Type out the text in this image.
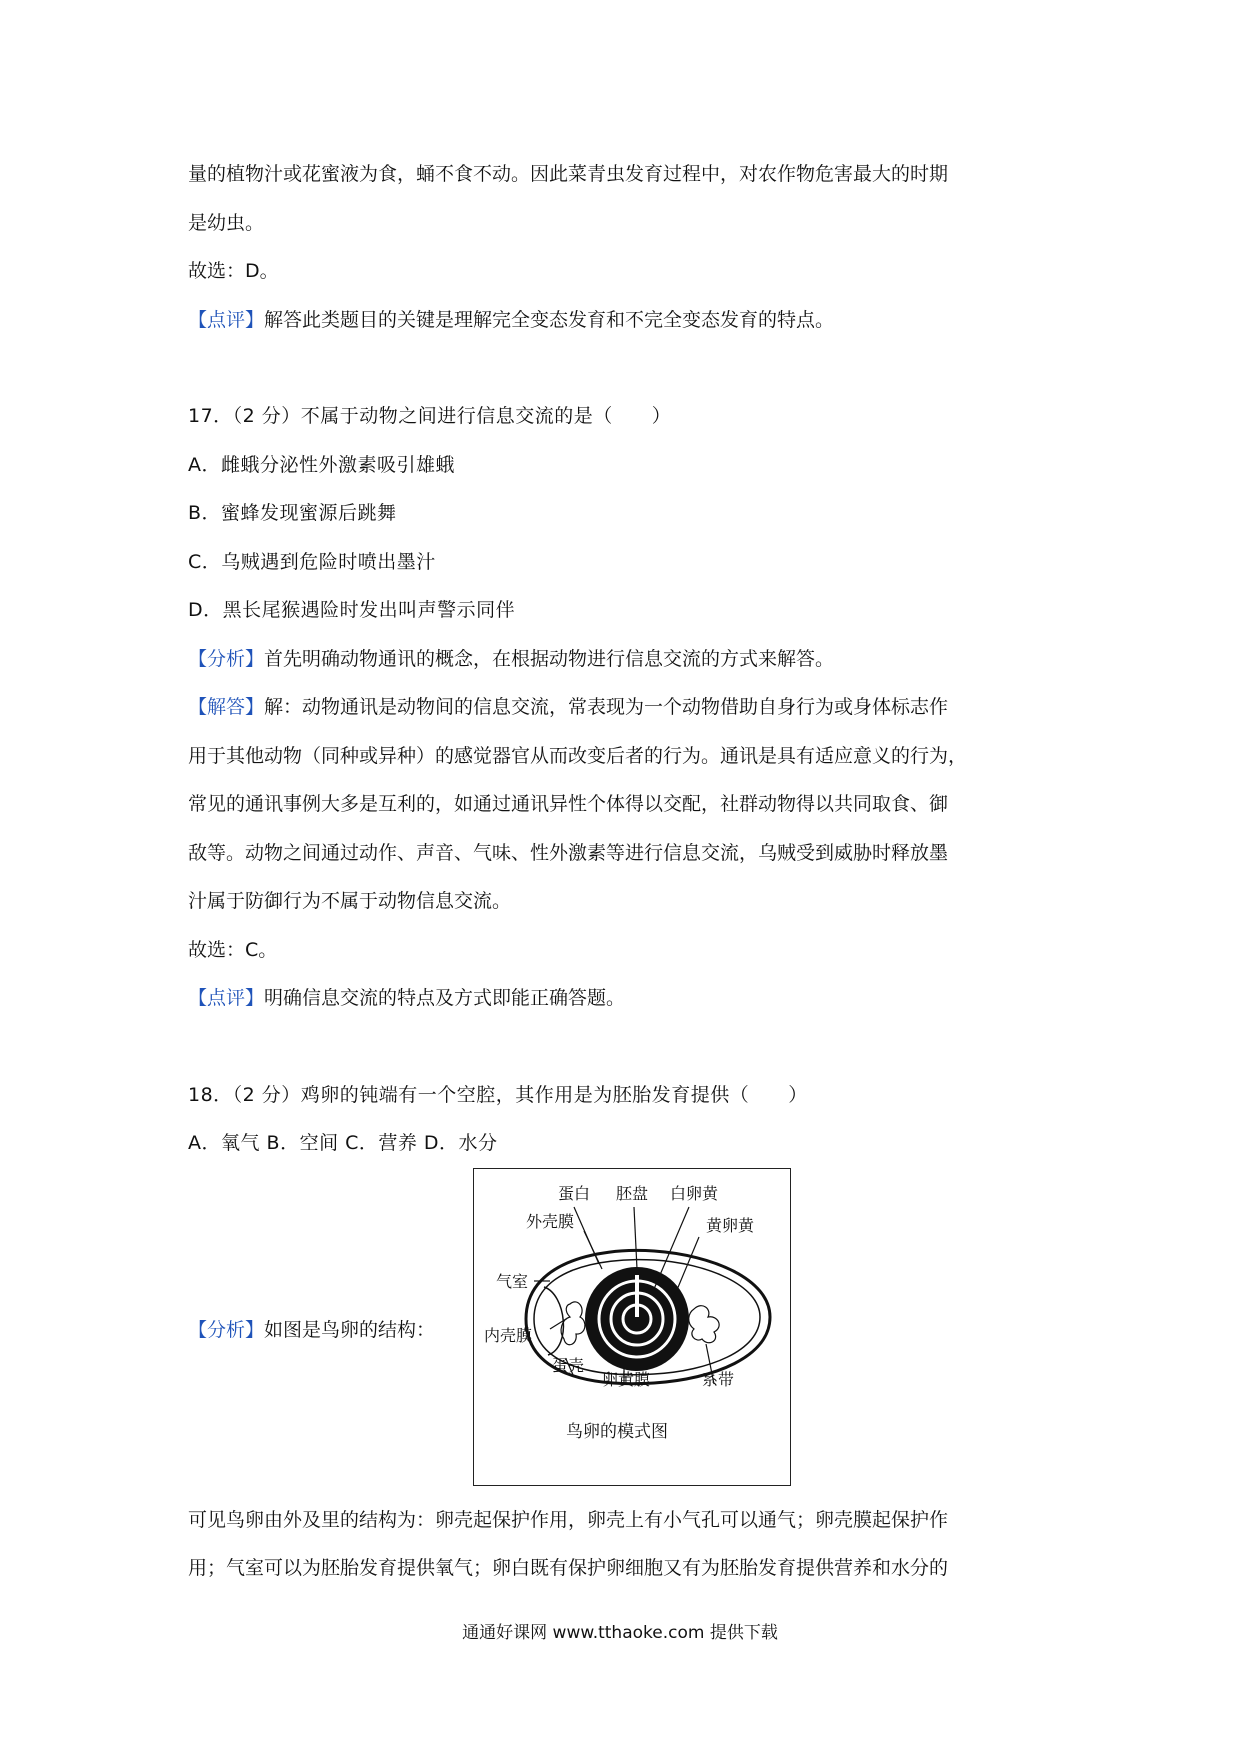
量的植物汁或花蜜液为食，蛹不食不动。因此菜青虫发育过程中，对农作物危害最大的时期
是幼虫。
故选：D。
【点评】解答此类题目的关键是理解完全变态发育和不完全变态发育的特点。
17．（2 分）不属于动物之间进行信息交流的是（　　）
A．雌蛾分泌性外激素吸引雄蛾
B．蜜蜂发现蜜源后跳舞
C．乌贼遇到危险时喷出墨汁
D．黑长尾猴遇险时发出叫声警示同伴
【分析】首先明确动物通讯的概念，在根据动物进行信息交流的方式来解答。
【解答】解：动物通讯是动物间的信息交流，常表现为一个动物借助自身行为或身体标志作
用于其他动物（同种或异种）的感觉器官从而改变后者的行为。通讯是具有适应意义的行为，
常见的通讯事例大多是互利的，如通过通讯异性个体得以交配，社群动物得以共同取食、御
敌等。动物之间通过动作、声音、气味、性外激素等进行信息交流，乌贼受到威胁时释放墨
汁属于防御行为不属于动物信息交流。
故选：C。
【点评】明确信息交流的特点及方式即能正确答题。
18．（2 分）鸡卵的钝端有一个空腔，其作用是为胚胎发育提供（　　）
A．氧气 B．空间 C．营养 D．水分
【分析】如图是鸟卵的结构：
蛋白 胚盘 白卵黄
外壳膜	黄卵黄
气室
内壳膜
蛋壳
卵黄膜	系带
鸟卵的模式图
可见鸟卵由外及里的结构为：卵壳起保护作用，卵壳上有小气孔可以通气；卵壳膜起保护作
用；气室可以为胚胎发育提供氧气；卵白既有保护卵细胞又有为胚胎发育提供营养和水分的
通通好课网 www.tthaoke.com 提供下载
